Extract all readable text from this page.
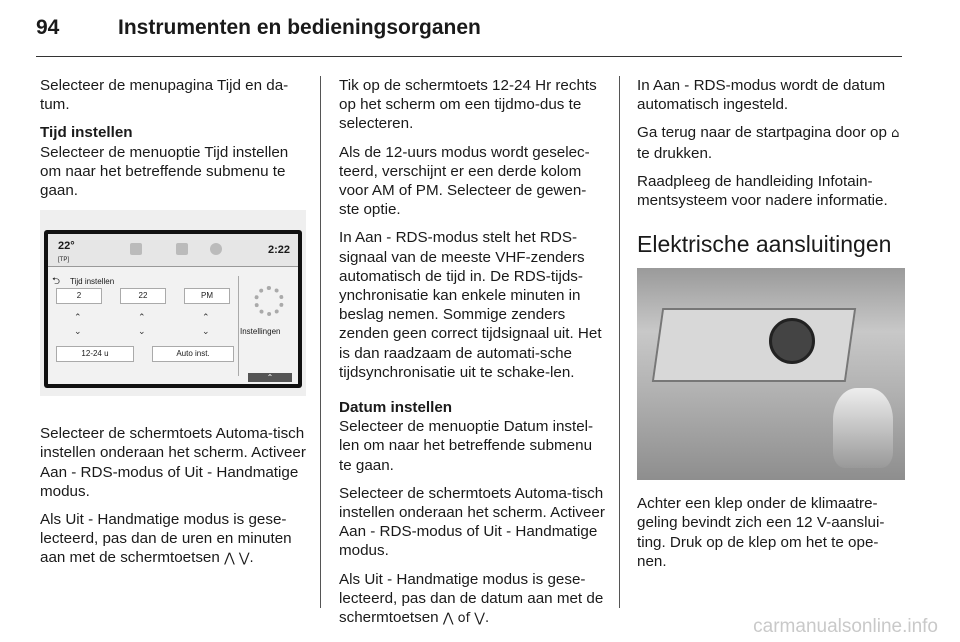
94	Instrumenten en bedieningsorganen

Selecteer de menupagina Tijd en da-tum.

Tijd instellen

Selecteer de menuoptie Tijd instellen om naar het betreffende submenu te gaan.

22°
[TP]
2:22
⮌ Tijd instellen
2	22	PM
⌃	⌃	⌃
⌄	⌄	⌄
12-24 u	Auto inst.
Instellingen
⌃

Selecteer de schermtoets Automa-tisch instellen onderaan het scherm. Activeer Aan - RDS-modus of Uit - Handmatige modus.

Als Uit - Handmatige modus is gese-lecteerd, pas dan de uren en minuten aan met de schermtoetsen ⋀ ⋁.

Tik op de schermtoets 12-24 Hr rechts op het scherm om een tijdmo-dus te selecteren.

Als de 12-uurs modus wordt geselec-teerd, verschijnt er een derde kolom voor AM of PM. Selecteer de gewen-ste optie.

In Aan - RDS-modus stelt het RDS-signaal van de meeste VHF-zenders automatisch de tijd in. De RDS-tijds-ynchronisatie kan enkele minuten in beslag nemen. Sommige zenders zenden geen correct tijdsignaal uit. Het is dan raadzaam de automati-sche tijdsynchronisatie uit te schake-len.

Datum instellen

Selecteer de menuoptie Datum instel-len om naar het betreffende submenu te gaan.

Selecteer de schermtoets Automa-tisch instellen onderaan het scherm. Activeer Aan - RDS-modus of Uit - Handmatige modus.

Als Uit - Handmatige modus is gese-lecteerd, pas dan de datum aan met de schermtoetsen ⋀ of ⋁.

In Aan - RDS-modus wordt de datum automatisch ingesteld.

Ga terug naar de startpagina door op ⌂ te drukken.

Raadpleeg de handleiding Infotain-mentsysteem voor nadere informatie.

Elektrische aansluitingen

Achter een klep onder de klimaatre-geling bevindt zich een 12 V-aanslui-ting. Druk op de klep om het te ope-nen.

carmanualsonline.info
